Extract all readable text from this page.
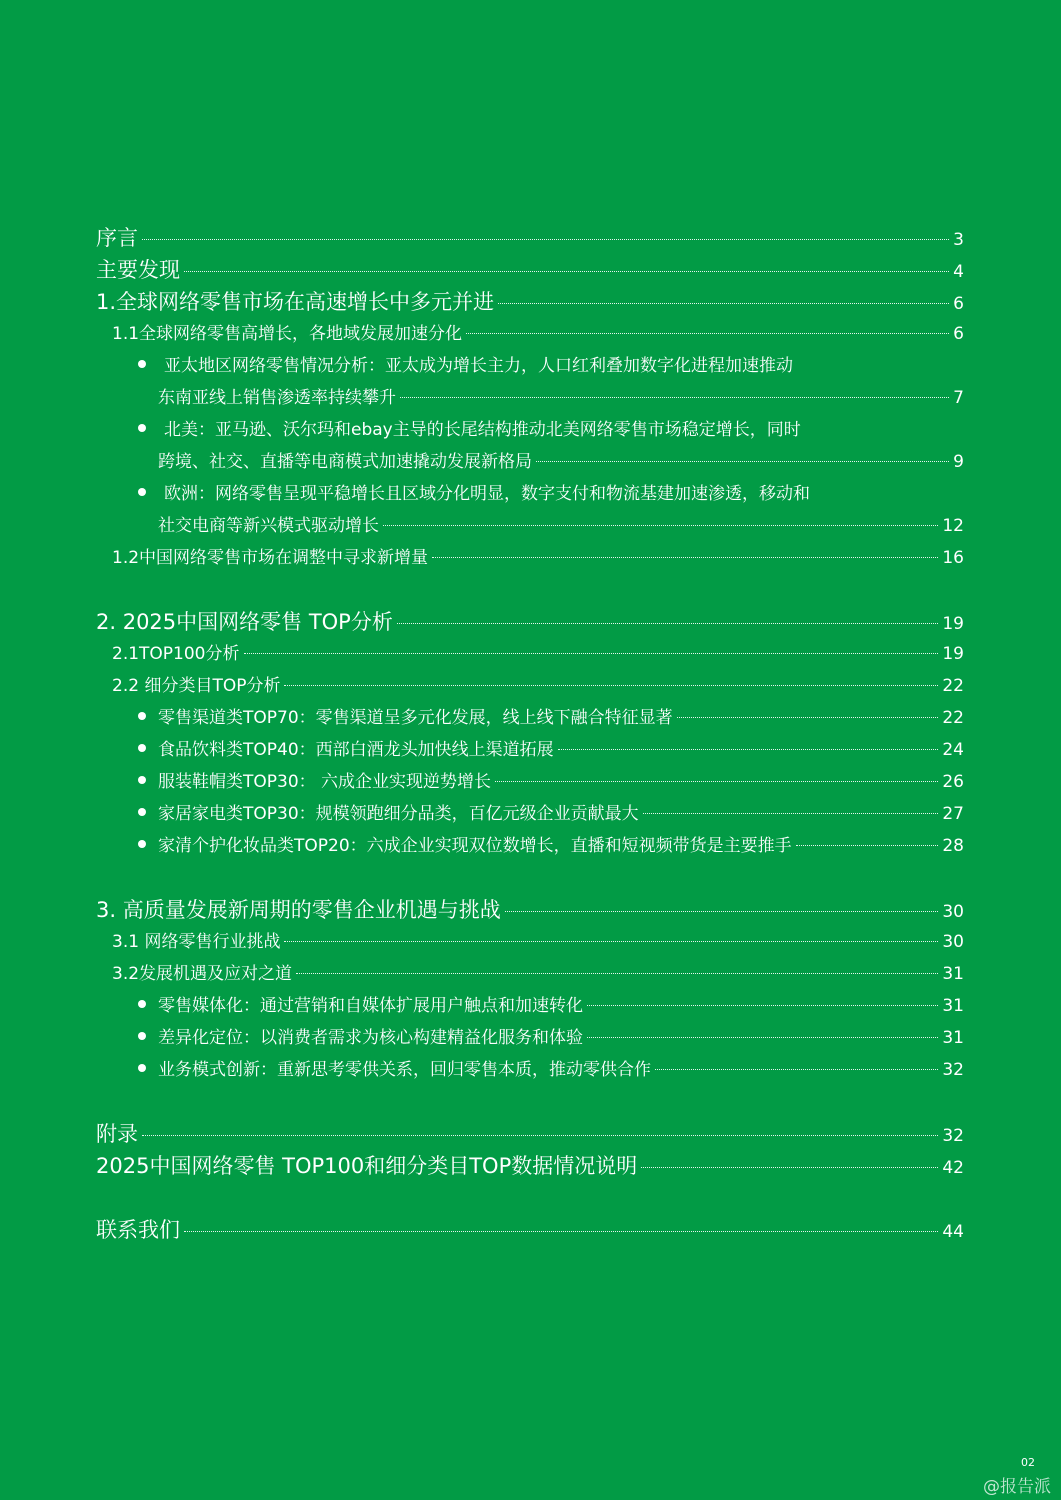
序言	3
主要发现	4
1.全球网络零售市场在高速增长中多元并进	6
1.1全球网络零售高增长，各地域发展加速分化	6
亚太地区网络零售情况分析：亚太成为增长主力，人口红利叠加数字化进程加速推动
东南亚线上销售渗透率持续攀升	7
北美：亚马逊、沃尔玛和ebay主导的长尾结构推动北美网络零售市场稳定增长，同时
跨境、社交、直播等电商模式加速撬动发展新格局	9
欧洲：网络零售呈现平稳增长且区域分化明显，数字支付和物流基建加速渗透，移动和
社交电商等新兴模式驱动增长	12
1.2中国网络零售市场在调整中寻求新增量	16
2. 2025中国网络零售 TOP分析	19
2.1TOP100分析	19
2.2 细分类目TOP分析	22
零售渠道类TOP70：零售渠道呈多元化发展，线上线下融合特征显著	22
食品饮料类TOP40：西部白酒龙头加快线上渠道拓展	24
服装鞋帽类TOP30： 六成企业实现逆势增长	26
家居家电类TOP30：规模领跑细分品类，百亿元级企业贡献最大	27
家清个护化妆品类TOP20：六成企业实现双位数增长，直播和短视频带货是主要推手	28
3. 高质量发展新周期的零售企业机遇与挑战	30
3.1 网络零售行业挑战	30
3.2发展机遇及应对之道	31
零售媒体化：通过营销和自媒体扩展用户触点和加速转化	31
差异化定位：以消费者需求为核心构建精益化服务和体验	31
业务模式创新：重新思考零供关系，回归零售本质，推动零供合作	32
附录	32
2025中国网络零售 TOP100和细分类目TOP数据情况说明	42
联系我们	44
02
@报告派
